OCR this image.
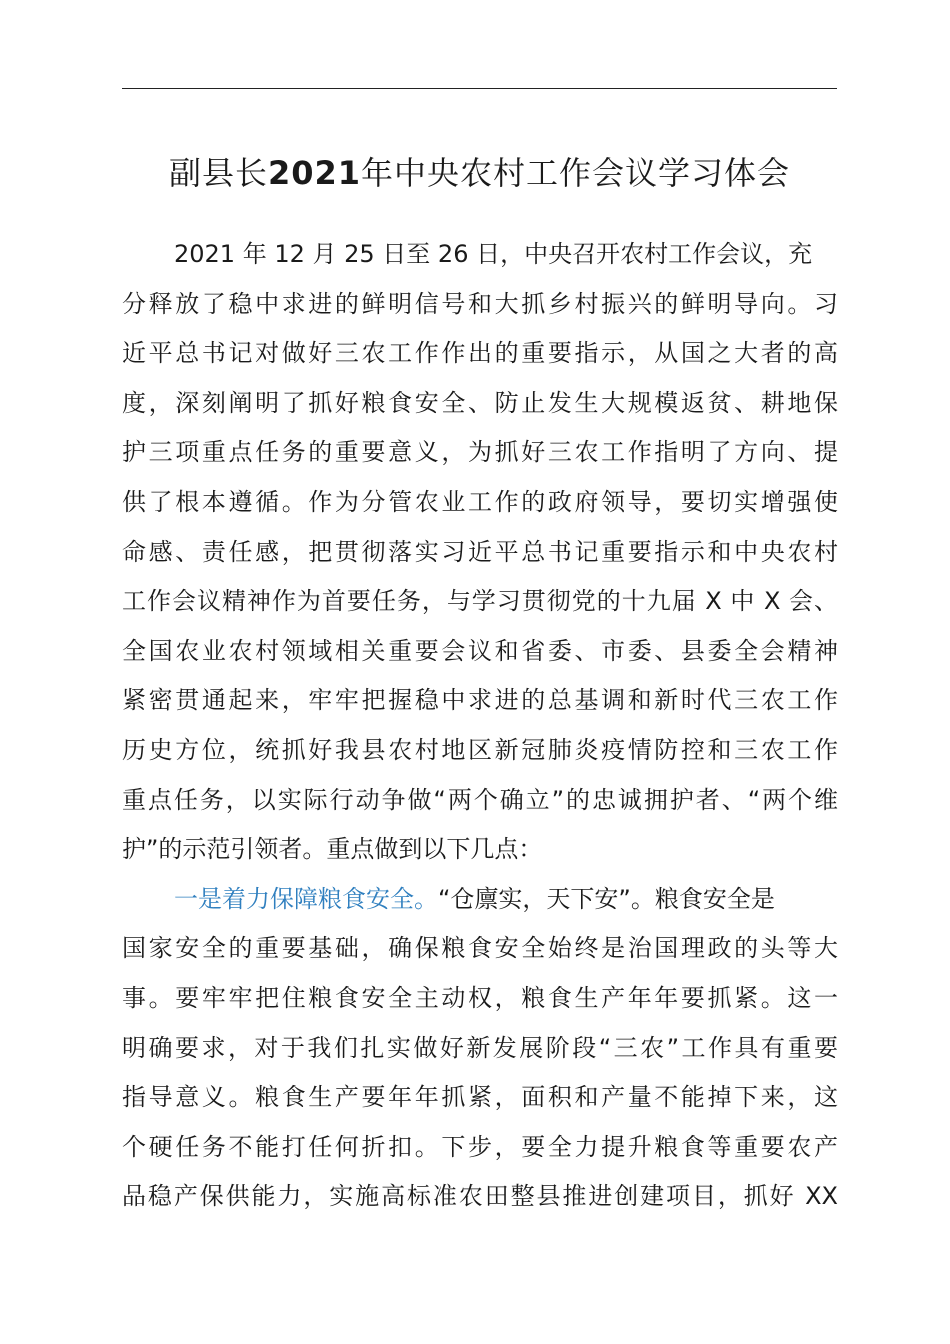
副县长2021年中央农村工作会议学习体会
2021 年 12 月 25 日至 26 日，中央召开农村工作会议，充
分释放了稳中求进的鲜明信号和大抓乡村振兴的鲜明导向。习
近平总书记对做好三农工作作出的重要指示，从国之大者的高
度，深刻阐明了抓好粮食安全、防止发生大规模返贫、耕地保
护三项重点任务的重要意义，为抓好三农工作指明了方向、提
供了根本遵循。作为分管农业工作的政府领导，要切实增强使
命感、责任感，把贯彻落实习近平总书记重要指示和中央农村
工作会议精神作为首要任务，与学习贯彻党的十九届 X 中 X 会、
全国农业农村领域相关重要会议和省委、市委、县委全会精神
紧密贯通起来，牢牢把握稳中求进的总基调和新时代三农工作
历史方位，统抓好我县农村地区新冠肺炎疫情防控和三农工作
重点任务，以实际行动争做“两个确立”的忠诚拥护者、“两个维
护”的示范引领者。重点做到以下几点：
一是着力保障粮食安全。“仓廪实，天下安”。粮食安全是
国家安全的重要基础，确保粮食安全始终是治国理政的头等大
事。要牢牢把住粮食安全主动权，粮食生产年年要抓紧。这一
明确要求，对于我们扎实做好新发展阶段“三农”工作具有重要
指导意义。粮食生产要年年抓紧，面积和产量不能掉下来，这
个硬任务不能打任何折扣。下步，要全力提升粮食等重要农产
品稳产保供能力，实施高标准农田整县推进创建项目，抓好 XX
